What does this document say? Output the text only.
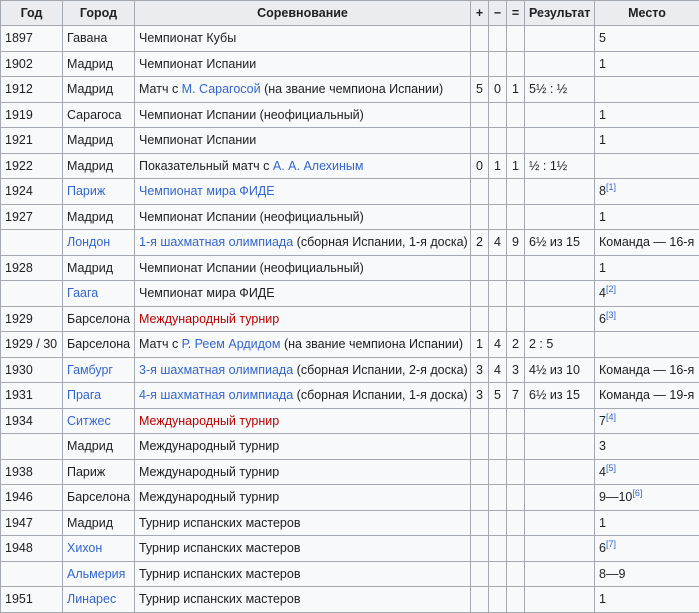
Год	Город	Соревнование	+	−	=	Результат	Место
1897	Гавана	Чемпионат Кубы					5
1902	Мадрид	Чемпионат Испании					1
1912	Мадрид	Матч с М. Сарагосой (на звание чемпиона Испании)	5	0	1	5½ : ½	
1919	Сарагоса	Чемпионат Испании (неофициальный)					1
1921	Мадрид	Чемпионат Испании					1
1922	Мадрид	Показательный матч с А. А. Алехиным	0	1	1	½ : 1½	
1924	Париж	Чемпионат мира ФИДЕ					8[1]
1927	Мадрид	Чемпионат Испании (неофициальный)					1
	Лондон	1-я шахматная олимпиада (сборная Испании, 1-я доска)	2	4	9	6½ из 15	Команда — 16-я
1928	Мадрид	Чемпионат Испании (неофициальный)					1
	Гаага	Чемпионат мира ФИДЕ					4[2]
1929	Барселона	Международный турнир					6[3]
1929 / 30	Барселона	Матч с Р. Реем Ардидом (на звание чемпиона Испании)	1	4	2	2 : 5	
1930	Гамбург	3-я шахматная олимпиада (сборная Испании, 2-я доска)	3	4	3	4½ из 10	Команда — 16-я
1931	Прага	4-я шахматная олимпиада (сборная Испании, 1-я доска)	3	5	7	6½ из 15	Команда — 19-я
1934	Ситжес	Международный турнир					7[4]
	Мадрид	Международный турнир					3
1938	Париж	Международный турнир					4[5]
1946	Барселона	Международный турнир					9—10[6]
1947	Мадрид	Турнир испанских мастеров					1
1948	Хихон	Турнир испанских мастеров					6[7]
	Альмерия	Турнир испанских мастеров					8—9
1951	Линарес	Турнир испанских мастеров					1
